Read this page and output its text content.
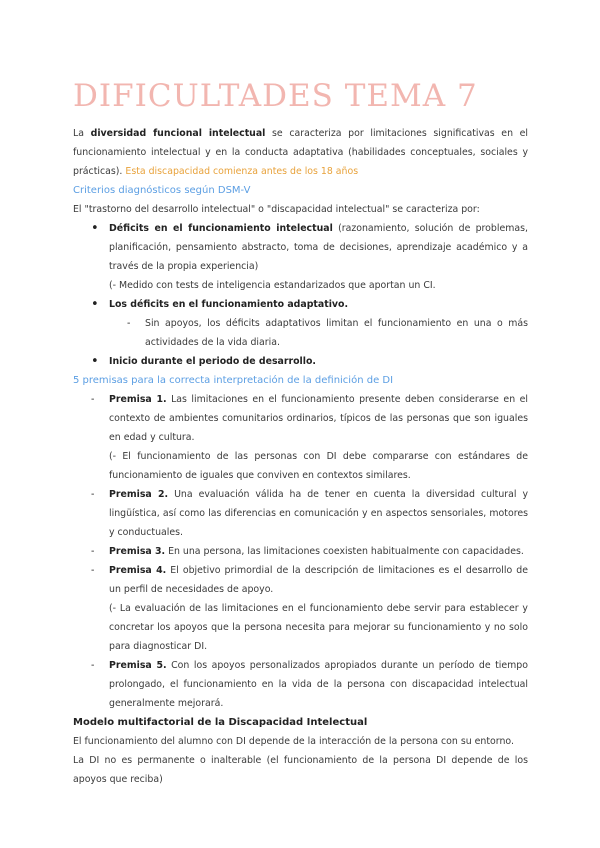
DIFICULTADES TEMA 7

La diversidad funcional intelectual se caracteriza por limitaciones significativas en el funcionamiento intelectual y en la conducta adaptativa (habilidades conceptuales, sociales y prácticas). Esta discapacidad comienza antes de los 18 años

Criterios diagnósticos según DSM-V

El "trastorno del desarrollo intelectual" o "discapacidad intelectual" se caracteriza por:

• Déficits en el funcionamiento intelectual (razonamiento, solución de problemas, planificación, pensamiento abstracto, toma de decisiones, aprendizaje académico y a través de la propia experiencia)

(- Medido con tests de inteligencia estandarizados que aportan un CI.

• Los déficits en el funcionamiento adaptativo.

- Sin apoyos, los déficits adaptativos limitan el funcionamiento en una o más actividades de la vida diaria.

• Inicio durante el periodo de desarrollo.

5 premisas para la correcta interpretación de la definición de DI

- Premisa 1. Las limitaciones en el funcionamiento presente deben considerarse en el contexto de ambientes comunitarios ordinarios, típicos de las personas que son iguales en edad y cultura.

(- El funcionamiento de las personas con DI debe compararse con estándares de funcionamiento de iguales que conviven en contextos similares.

- Premisa 2. Una evaluación válida ha de tener en cuenta la diversidad cultural y lingüística, así como las diferencias en comunicación y en aspectos sensoriales, motores y conductuales.

- Premisa 3. En una persona, las limitaciones coexisten habitualmente con capacidades.

- Premisa 4. El objetivo primordial de la descripción de limitaciones es el desarrollo de un perfil de necesidades de apoyo.

(- La evaluación de las limitaciones en el funcionamiento debe servir para establecer y concretar los apoyos que la persona necesita para mejorar su funcionamiento y no solo para diagnosticar DI.

- Premisa 5. Con los apoyos personalizados apropiados durante un período de tiempo prolongado, el funcionamiento en la vida de la persona con discapacidad intelectual generalmente mejorará.

Modelo multifactorial de la Discapacidad Intelectual

El funcionamiento del alumno con DI depende de la interacción de la persona con su entorno.

La DI no es permanente o inalterable (el funcionamiento de la persona DI depende de los apoyos que reciba)
